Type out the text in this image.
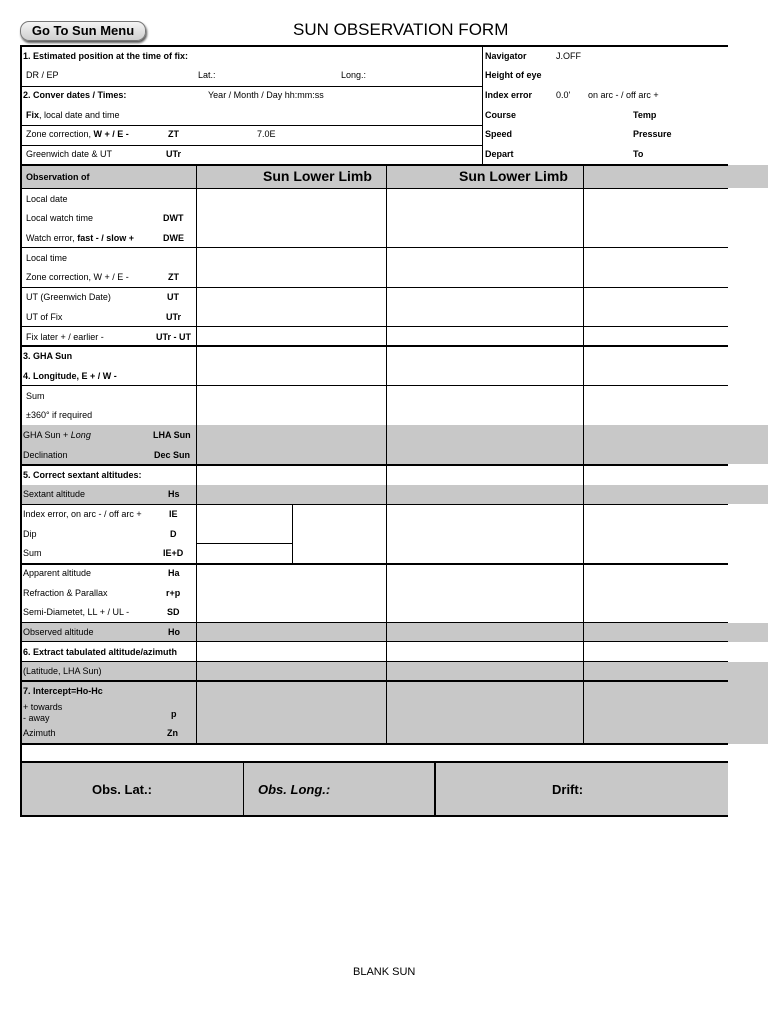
Go To Sun Menu	SUN OBSERVATION FORM
1. Estimated position at the time of fix:
DR / EP	Lat.:	Long.:
2. Conver dates / Times:	Year / Month / Day hh:mm:ss
Fix, local date and time
Zone correction, W + / E -	ZT	7.0E
Greenwich date & UT	UTr
Navigator	J.OFF
Height of eye
Index error	0.0' on arc - / off arc +
Course	Temp
Speed	Pressure
Depart	To
Observation of	Sun Lower Limb	Sun Lower Limb
Local date
Local watch time	DWT
Watch error, fast - / slow +	DWE
Local time
Zone correction, W + / E -	ZT
UT (Greenwich Date)	UT
UT of Fix	UTr
Fix later + / earlier -	UTr - UT
3. GHA Sun
4. Longitude, E + / W -
Sum
±360° if required
GHA Sun + Long	LHA Sun
Declination	Dec Sun
5. Correct sextant altitudes:
Sextant altitude	Hs
Index error, on arc - / off arc +	IE
Dip	D
Sum	IE+D
Apparent altitude	Ha
Refraction & Parallax	r+p
Semi-Diametet, LL + / UL -	SD
Observed altitude	Ho
6. Extract tabulated altitude/azimuth
(Latitude, LHA Sun)
7. Intercept=Ho-Hc
+ towards
- away	p
Azimuth	Zn
Obs. Lat.:	Obs. Long.:	Drift:
BLANK SUN
